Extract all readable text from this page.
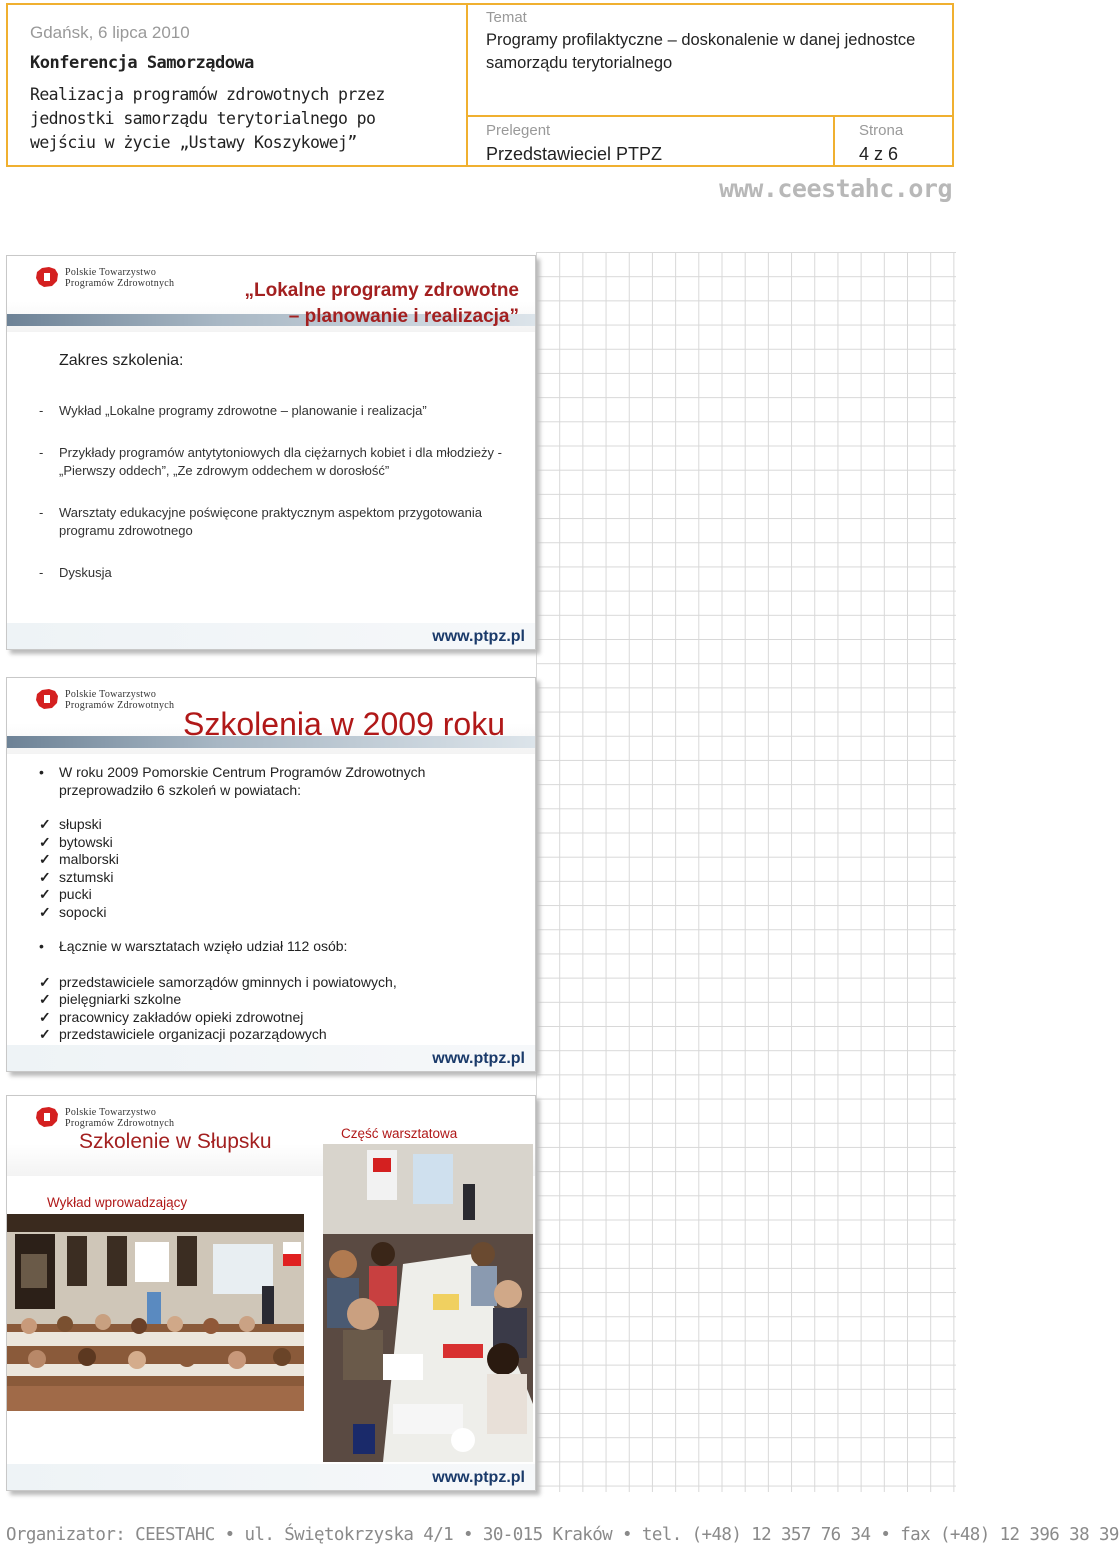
Gdańsk, 6 lipca 2010
Konferencja Samorządowa
Realizacja programów zdrowotnych przez jednostki samorządu terytorialnego po wejściu w życie „Ustawy Koszykowej”
Temat
Programy profilaktyczne – doskonalenie w danej jednostce samorządu terytorialnego
Prelegent
Przedstawieciel PTPZ
Strona
4 z 6
www.ceestahc.org
Polskie Towarzystwo
Programów Zdrowotnych	„Lokalne programy zdrowotne
– planowanie i realizacja”
Zakres szkolenia:
- Wykład „Lokalne programy zdrowotne – planowanie i realizacja”
- Przykłady programów antytytoniowych dla ciężarnych kobiet i dla młodzieży - „Pierwszy oddech”, „Ze zdrowym oddechem w dorosłość”
- Warsztaty edukacyjne poświęcone praktycznym aspektom przygotowania programu zdrowotnego
- Dyskusja
www.ptpz.pl
Polskie Towarzystwo
Programów Zdrowotnych
Szkolenia w 2009 roku
• W roku 2009 Pomorskie Centrum Programów Zdrowotnych przeprowadziło 6 szkoleń w powiatach:
✓ słupski
✓ bytowski
✓ malborski
✓ sztumski
✓ pucki
✓ sopocki
• Łącznie w warsztatach wzięło udział 112 osób:
✓ przedstawiciele samorządów gminnych i powiatowych,
✓ pielęgniarki szkolne
✓ pracownicy zakładów opieki zdrowotnej
✓ przedstawiciele organizacji pozarządowych
www.ptpz.pl
Polskie Towarzystwo
Programów Zdrowotnych
Szkolenie w Słupsku	Część warsztatowa
Wykład wprowadzający
www.ptpz.pl
Organizator: CEESTAHC • ul. Świętokrzyska 4/1 • 30-015 Kraków • tel. (+48) 12 357 76 34 • fax (+48) 12 396 38 39
